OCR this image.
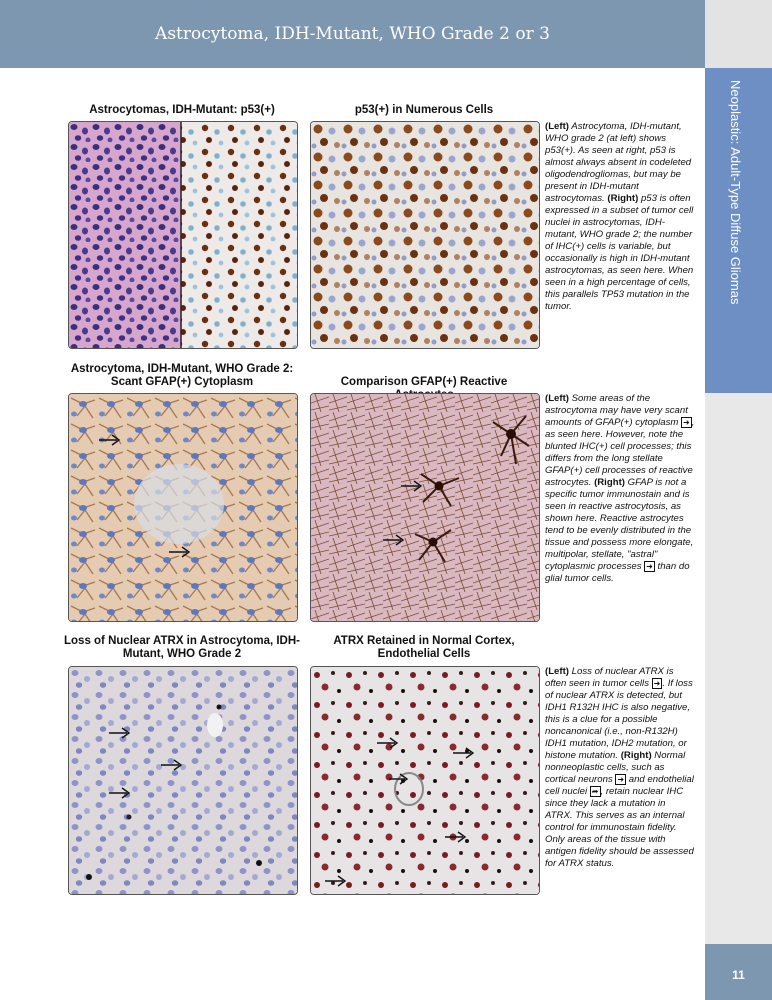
Astrocytoma, IDH-Mutant, WHO Grade 2 or 3
Neoplastic: Adult-Type Diffuse Gliomas
11
Astrocytomas, IDH-Mutant: p53(+)	p53(+) in Numerous Cells
(Left) Astrocytoma, IDH-mutant, WHO grade 2 (at left) shows p53(+). As seen at right, p53 is almost always absent in codeleted oligodendrogliomas, but may be present in IDH-mutant astrocytomas. (Right) p53 is often expressed in a subset of tumor cell nuclei in astrocytomas, IDH-mutant, WHO grade 2; the number of IHC(+) cells is variable, but occasionally is high in IDH-mutant astrocytomas, as seen here. When seen in a high percentage of cells, this parallels TP53 mutation in the tumor.
Astrocytoma, IDH-Mutant, WHO Grade 2: Scant GFAP(+) Cytoplasm	Comparison GFAP(+) Reactive
(Left) Some areas of the astrocytoma may have very scant amounts of GFAP(+) cytoplasm ➜ , as seen here. However, note the blunted IHC(+) cell processes; this differs from the long stellate GFAP(+) cell processes of reactive astrocytes. (Right) GFAP is not a specific tumor immunostain and is seen in reactive astrocytosis, as shown here. Reactive astrocytes tend to be evenly distributed in the tissue and possess more elongate, multipolar, stellate, "astral" cytoplasmic processes ➜ than do glial tumor cells.
Loss of Nuclear ATRX in Astrocytoma, IDH-Mutant, WHO Grade 2
ATRX Retained in Normal Cortex, Endothelial Cells
(Left) Loss of nuclear ATRX is often seen in tumor cells ➜ . If loss of nuclear ATRX is detected, but IDH1 R132H IHC is also negative, this is a clue for a possible noncanonical (i.e., non-R132H) IDH1 mutation, IDH2 mutation, or histone mutation. (Right) Normal nonneoplastic cells, such as cortical neurons ➜ and endothelial cell nuclei ➦ , retain nuclear IHC since they lack a mutation in ATRX. This serves as an internal control for immunostain fidelity. Only areas of the tissue with antigen fidelity should be assessed for ATRX status.
